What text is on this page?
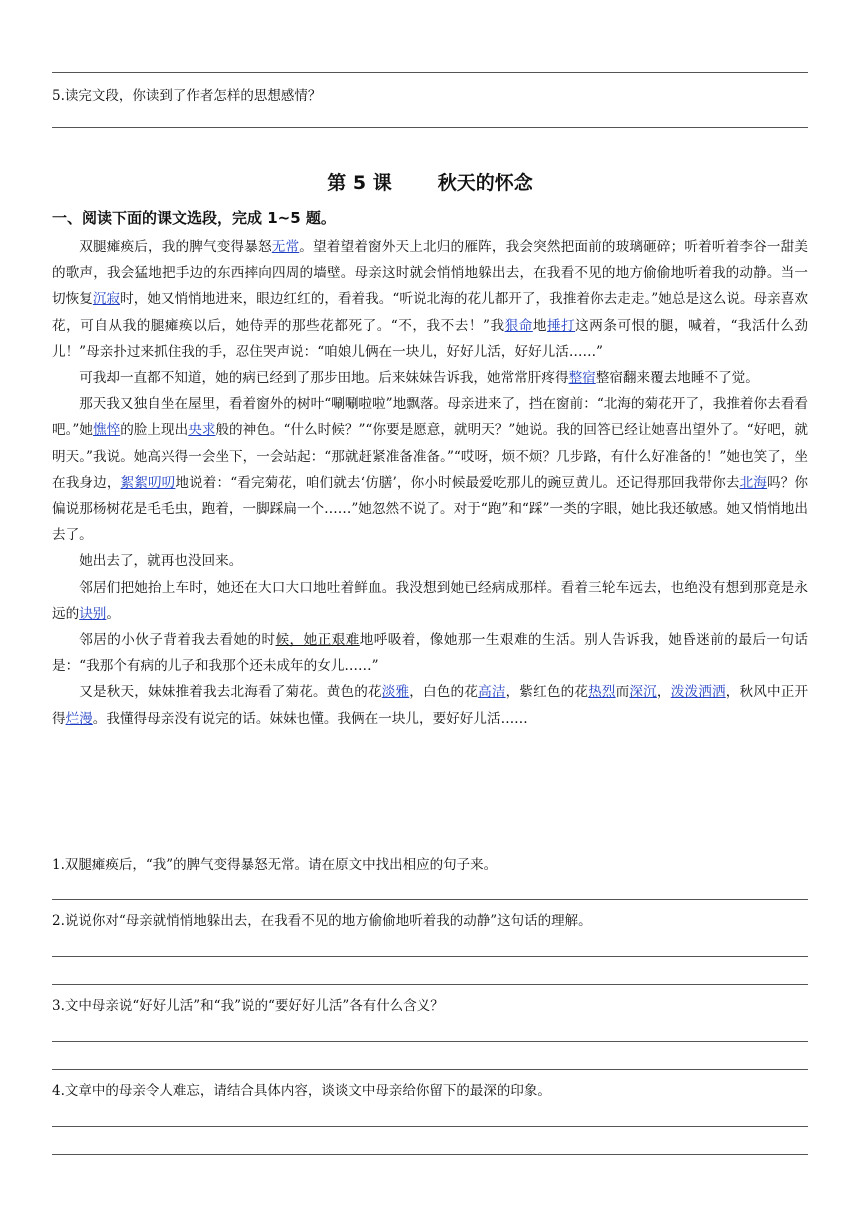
5.读完文段，你读到了作者怎样的思想感情？
第 5 课 秋天的怀念
一、阅读下面的课文选段，完成 1~5 题。

双腿瘫痪后，我的脾气变得暴怒无常。望着望着窗外天上北归的雁阵，我会突然把面前的玻璃砸碎；听着听着李谷一甜美的歌声，我会猛地把手边的东西摔向四周的墙壁。母亲这时就会悄悄地躲出去，在我看不见的地方偷偷地听着我的动静。当一切恢复沉寂时，她又悄悄地进来，眼边红红的，看着我。“听说北海的花儿都开了，我推着你去走走。”她总是这么说。母亲喜欢花，可自从我的腿瘫痪以后，她侍弄的那些花都死了。“不，我不去！”我狠命地捶打这两条可恨的腿，喊着，“我活什么劲儿！”母亲扑过来抓住我的手，忍住哭声说：“咱娘儿俩在一块儿，好好儿活，好好儿活……”

可我却一直都不知道，她的病已经到了那步田地。后来妹妹告诉我，她常常肝疼得整宿整宿翻来覆去地睡不了觉。

那天我又独自坐在屋里，看着窗外的树叶“唰唰啦啦”地飘落。母亲进来了，挡在窗前：“北海的菊花开了，我推着你去看看吧。”她憔悴的脸上现出央求般的神色。“什么时候？”“你要是愿意，就明天？”她说。我的回答已经让她喜出望外了。“好吧，就明天。”我说。她高兴得一会坐下，一会站起：“那就赶紧准备准备。”“哎呀，烦不烦？几步路，有什么好准备的！”她也笑了，坐在我身边，絮絮叨叨地说着：“看完菊花，咱们就去‘仿膳’，你小时候最爱吃那儿的豌豆黄儿。还记得那回我带你去北海吗？你偏说那杨树花是毛毛虫，跑着，一脚踩扁一个……”她忽然不说了。对于“跑”和“踩”一类的字眼，她比我还敏感。她又悄悄地出去了。

她出去了，就再也没回来。

邻居们把她抬上车时，她还在大口大口地吐着鲜血。我没想到她已经病成那样。看着三轮车远去，也绝没有想到那竟是永远的诀别。

邻居的小伙子背着我去看她的时候，她正艰难地呼吸着，像她那一生艰难的生活。别人告诉我，她昏迷前的最后一句话是：“我那个有病的儿子和我那个还未成年的女儿……”

又是秋天，妹妹推着我去北海看了菊花。黄色的花淡雅，白色的花高洁，紫红色的花热烈而深沉，泼泼洒洒，秋风中正开得烂漫。我懂得母亲没有说完的话。妹妹也懂。我俩在一块儿，要好好儿活……

1.双腿瘫痪后，“我”的脾气变得暴怒无常。请在原文中找出相应的句子来。
2.说说你对“母亲就悄悄地躲出去，在我看不见的地方偷偷地听着我的动静”这句话的理解。
3.文中母亲说“好好儿活”和“我”说的“要好好儿活”各有什么含义？
4.文章中的母亲令人难忘，请结合具体内容，谈谈文中母亲给你留下的最深的印象。
